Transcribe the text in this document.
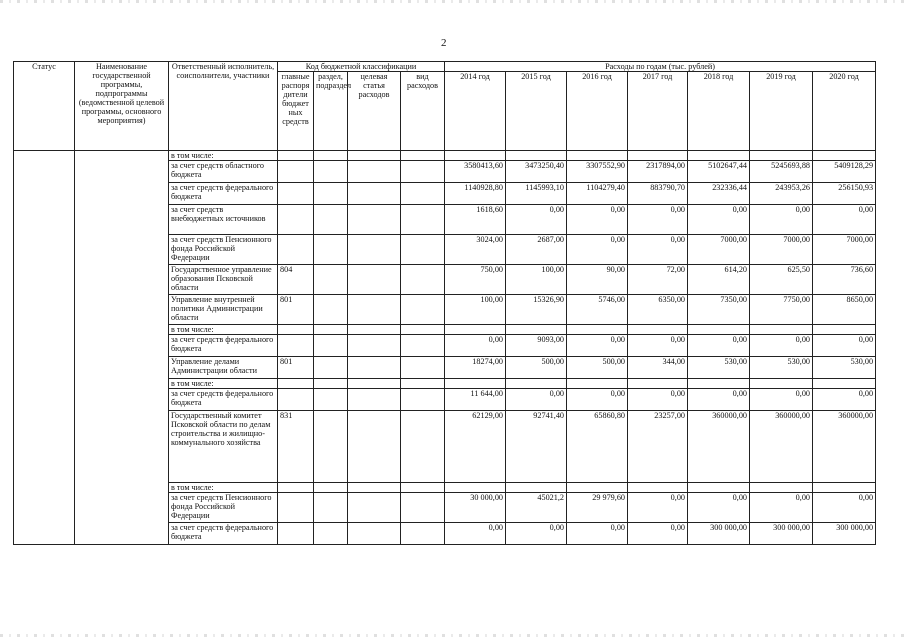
2
Статус	Наименование государственной программы, подпрограммы (ведомственной целевой программы, основного мероприятия)	Ответственный исполнитель, соисполнители, участники	Код бюджетной классификации				Расходы по годам (тыс. рублей)						
			главные распоря дители бюджет ных средств	раздел, подраздел	целевая статья расходов	вид расходов	2014 год	2015 год	2016 год	2017 год	2018 год	2019 год	2020 год
		в том числе:											
		за счет средств областного бюджета					3580413,60	3473250,40	3307552,90	2317894,00	5102647,44	5245693,88	5409128,29
		за счет средств федерального бюджета					1140928,80	1145993,10	1104279,40	883790,70	232336,44	243953,26	256150,93
		за счет средств внебюджетных источников					1618,60	0,00	0,00	0,00	0,00	0,00	0,00
		за счет средств Пенсионного фонда Российской Федерации					3024,00	2687,00	0,00	0,00	7000,00	7000,00	7000,00
		Государственное управление образования Псковской области	804				750,00	100,00	90,00	72,00	614,20	625,50	736,60
		Управление внутренней политики Администрации области	801				100,00	15326,90	5746,00	6350,00	7350,00	7750,00	8650,00
		в том числе:											
		за счет средств федерального бюджета					0,00	9093,00	0,00	0,00	0,00	0,00	0,00
		Управление делами Администрации области	801				18274,00	500,00	500,00	344,00	530,00	530,00	530,00
		в том числе:											
		за счет средств федерального бюджета					11 644,00	0,00	0,00	0,00	0,00	0,00	0,00
		Государственный комитет Псковской области по делам строительства и жилищно-коммунального хозяйства	831				62129,00	92741,40	65860,80	23257,00	360000,00	360000,00	360000,00
		в том числе:											
		за счет средств Пенсионного фонда Российской Федерации					30 000,00	45021,2	29 979,60	0,00	0,00	0,00	0,00
		за счет средств федерального бюджета					0,00	0,00	0,00	0,00	300 000,00	300 000,00	300 000,00
